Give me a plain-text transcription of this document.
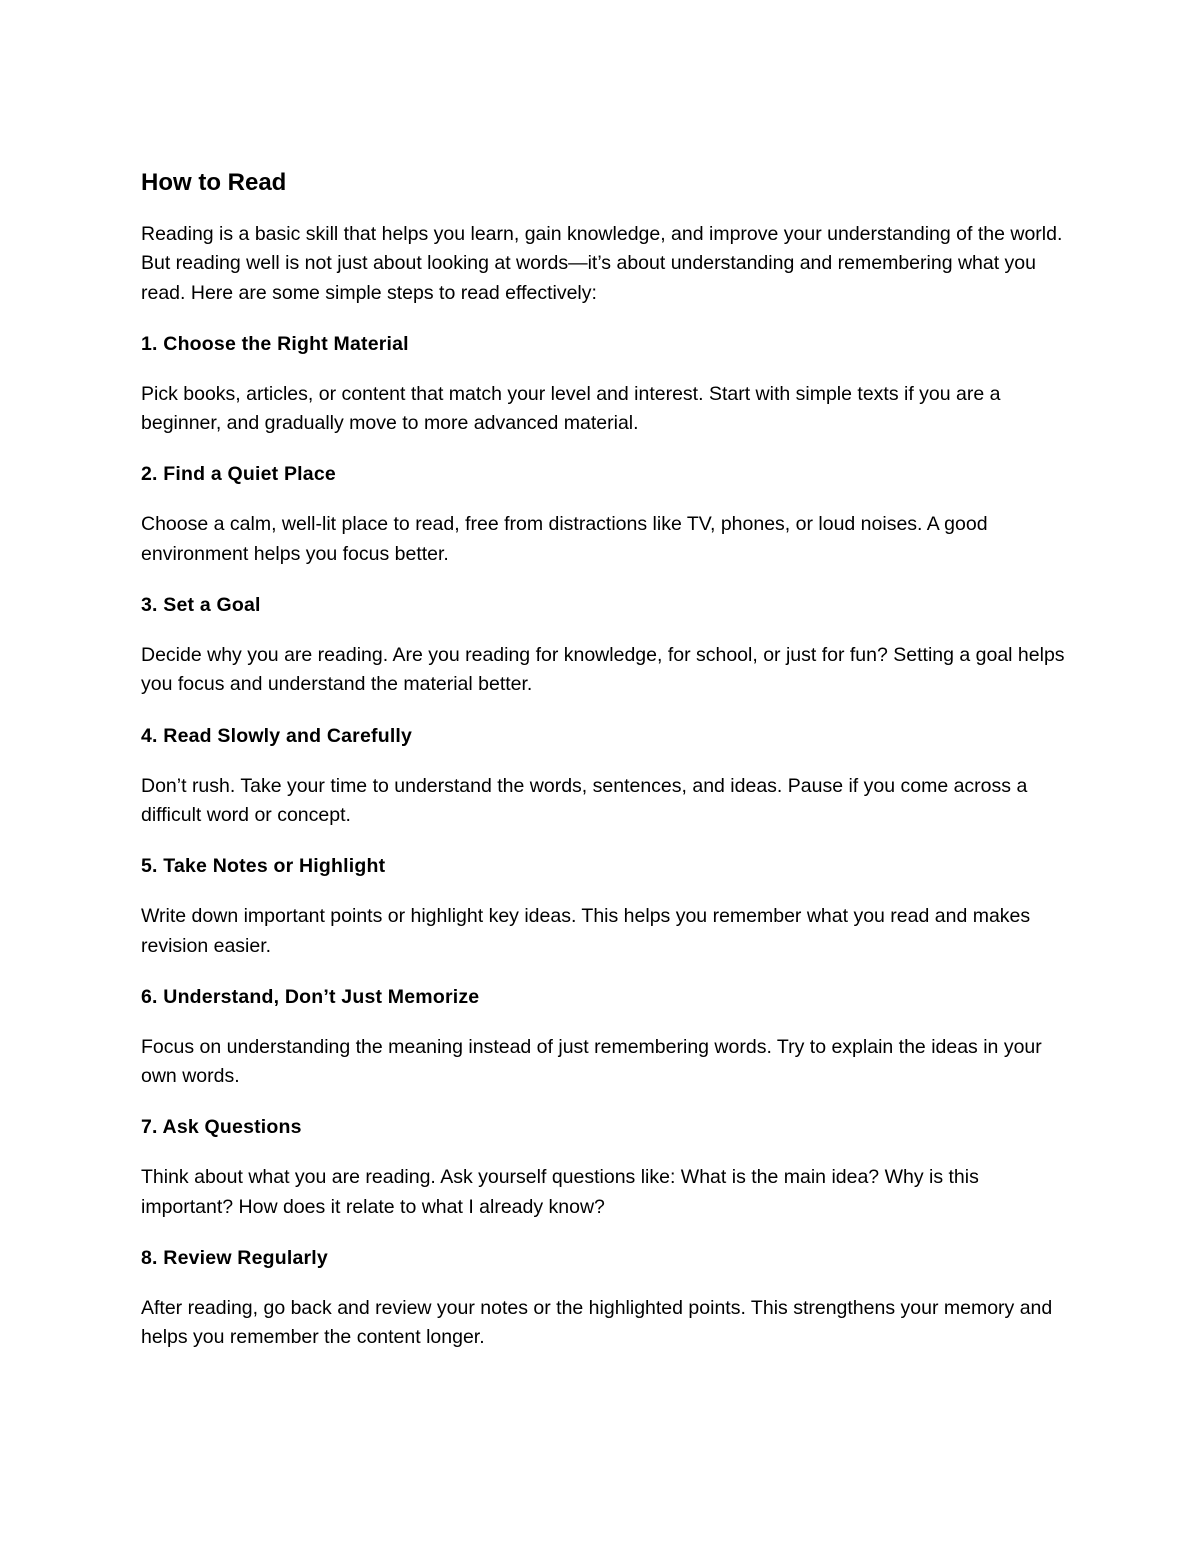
How to Read

Reading is a basic skill that helps you learn, gain knowledge, and improve your understanding of the world. But reading well is not just about looking at words—it’s about understanding and remembering what you read. Here are some simple steps to read effectively:

1. Choose the Right Material

Pick books, articles, or content that match your level and interest. Start with simple texts if you are a beginner, and gradually move to more advanced material.

2. Find a Quiet Place

Choose a calm, well-lit place to read, free from distractions like TV, phones, or loud noises. A good environment helps you focus better.

3. Set a Goal

Decide why you are reading. Are you reading for knowledge, for school, or just for fun? Setting a goal helps you focus and understand the material better.

4. Read Slowly and Carefully

Don’t rush. Take your time to understand the words, sentences, and ideas. Pause if you come across a difficult word or concept.

5. Take Notes or Highlight

Write down important points or highlight key ideas. This helps you remember what you read and makes revision easier.

6. Understand, Don’t Just Memorize

Focus on understanding the meaning instead of just remembering words. Try to explain the ideas in your own words.

7. Ask Questions

Think about what you are reading. Ask yourself questions like: What is the main idea? Why is this important? How does it relate to what I already know?

8. Review Regularly

After reading, go back and review your notes or the highlighted points. This strengthens your memory and helps you remember the content longer.
